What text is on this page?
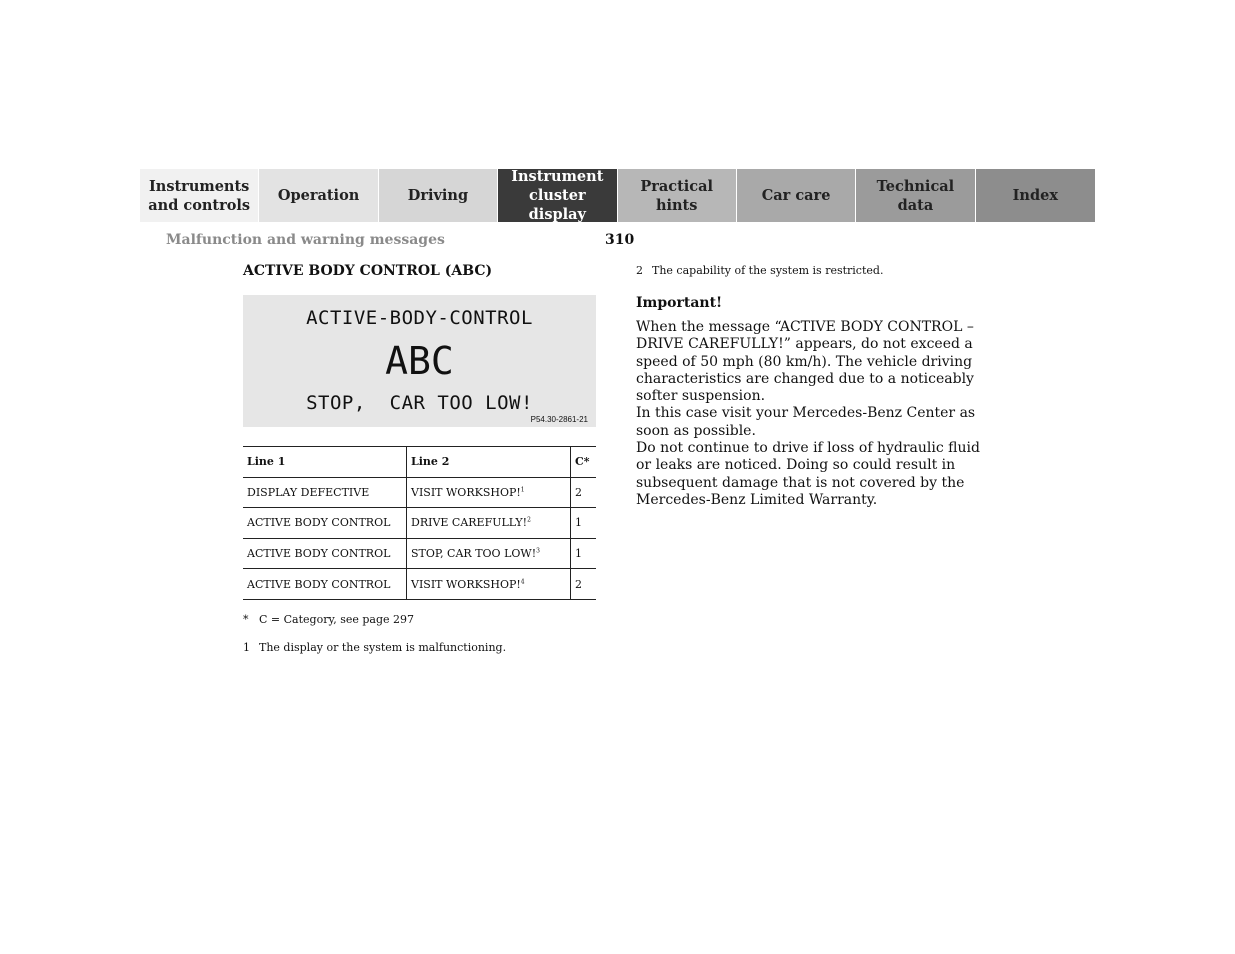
Instruments
and controls
Operation	Driving
Instrument
cluster display
Practical hints
Car care
Technical
data
Index
Malfunction and warning messages	310
ACTIVE BODY CONTROL (ABC)
ACTIVE-BODY-CONTROL
ABC
STOP,  CAR TOO LOW!
P54.30-2861-21
Line 1	Line 2	C*
DISPLAY DEFECTIVE	VISIT WORKSHOP!$^1$	2
ACTIVE BODY CONTROL	DRIVE CAREFULLY!$^2$	1
ACTIVE BODY CONTROL	STOP, CAR TOO LOW!$^3$	1
ACTIVE BODY CONTROL	VISIT WORKSHOP!$^4$	2
* C = Category, see page 297
1 The display or the system is malfunctioning.
2 The capability of the system is restricted.
Important!

When the message “ACTIVE BODY CONTROL – DRIVE CAREFULLY!” appears, do not exceed a speed of 50 mph (80 km/h). The vehicle driving characteristics are changed due to a noticeably softer suspension.

In this case visit your Mercedes-Benz Center as soon as possible.

Do not continue to drive if loss of hydraulic fluid or leaks are noticed. Doing so could result in subsequent damage that is not covered by the Mercedes-Benz Limited Warranty.
